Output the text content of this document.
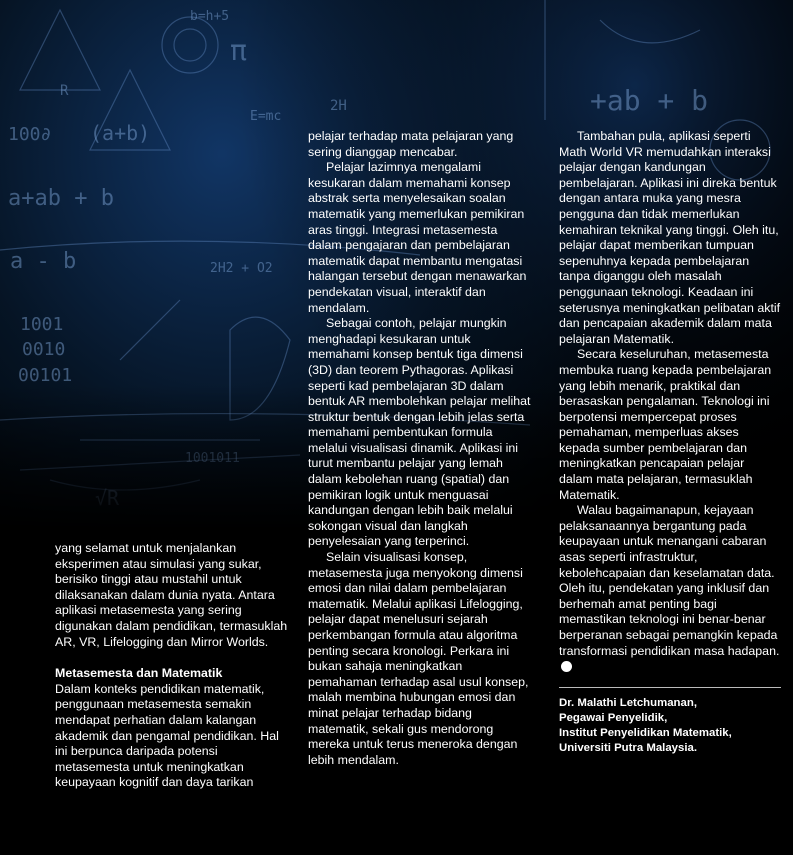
yang selamat untuk menjalankan eksperimen atau simulasi yang sukar, berisiko tinggi atau mustahil untuk dilaksanakan dalam dunia nyata. Antara aplikasi metasemesta yang sering digunakan dalam pendidikan, termasuklah AR, VR, Lifelogging dan Mirror Worlds.

Metasemesta dan Matematik

Dalam konteks pendidikan matematik, penggunaan metasemesta semakin mendapat perhatian dalam kalangan akademik dan pengamal pendidikan. Hal ini berpunca daripada potensi metasemesta untuk meningkatkan keupayaan kognitif dan daya tarikan

pelajar terhadap mata pelajaran yang sering dianggap mencabar.

Pelajar lazimnya mengalami kesukaran dalam memahami konsep abstrak serta menyelesaikan soalan matematik yang memerlukan pemikiran aras tinggi. Integrasi metasemesta dalam pengajaran dan pembelajaran matematik dapat membantu mengatasi halangan tersebut dengan menawarkan pendekatan visual, interaktif dan mendalam.

Sebagai contoh, pelajar mungkin menghadapi kesukaran untuk memahami konsep bentuk tiga dimensi (3D) dan teorem Pythagoras. Aplikasi seperti kad pembelajaran 3D dalam bentuk AR membolehkan pelajar melihat struktur bentuk dengan lebih jelas serta memahami pembentukan formula melalui visualisasi dinamik. Aplikasi ini turut membantu pelajar yang lemah dalam kebolehan ruang (spatial) dan pemikiran logik untuk menguasai kandungan dengan lebih baik melalui sokongan visual dan langkah penyelesaian yang terperinci.

Selain visualisasi konsep, metasemesta juga menyokong dimensi emosi dan nilai dalam pembelajaran matematik. Melalui aplikasi Lifelogging, pelajar dapat menelusuri sejarah perkembangan formula atau algoritma penting secara kronologi. Perkara ini bukan sahaja meningkatkan pemahaman terhadap asal usul konsep, malah membina hubungan emosi dan minat pelajar terhadap bidang matematik, sekali gus mendorong mereka untuk terus meneroka dengan lebih mendalam.

Tambahan pula, aplikasi seperti Math World VR memudahkan interaksi pelajar dengan kandungan pembelajaran. Aplikasi ini direka bentuk dengan antara muka yang mesra pengguna dan tidak memerlukan kemahiran teknikal yang tinggi. Oleh itu, pelajar dapat memberikan tumpuan sepenuhnya kepada pembelajaran tanpa diganggu oleh masalah penggunaan teknologi. Keadaan ini seterusnya meningkatkan pelibatan aktif dan pencapaian akademik dalam mata pelajaran Matematik.

Secara keseluruhan, metasemesta membuka ruang kepada pembelajaran yang lebih menarik, praktikal dan berasaskan pengalaman. Teknologi ini berpotensi mempercepat proses pemahaman, memperluas akses kepada sumber pembelajaran dan meningkatkan pencapaian pelajar dalam mata pelajaran, termasuklah Matematik.

Walau bagaimanapun, kejayaan pelaksanaannya bergantung pada keupayaan untuk menangani cabaran asas seperti infrastruktur, kebolehcapaian dan keselamatan data. Oleh itu, pendekatan yang inklusif dan berhemah amat penting bagi memastikan teknologi ini benar-benar berperanan sebagai pemangkin kepada transformasi pendidikan masa hadapan.JN

Dr. Malathi Letchumanan,
Pegawai Penyelidik,
Institut Penyelidikan Matematik,
Universiti Putra Malaysia.
